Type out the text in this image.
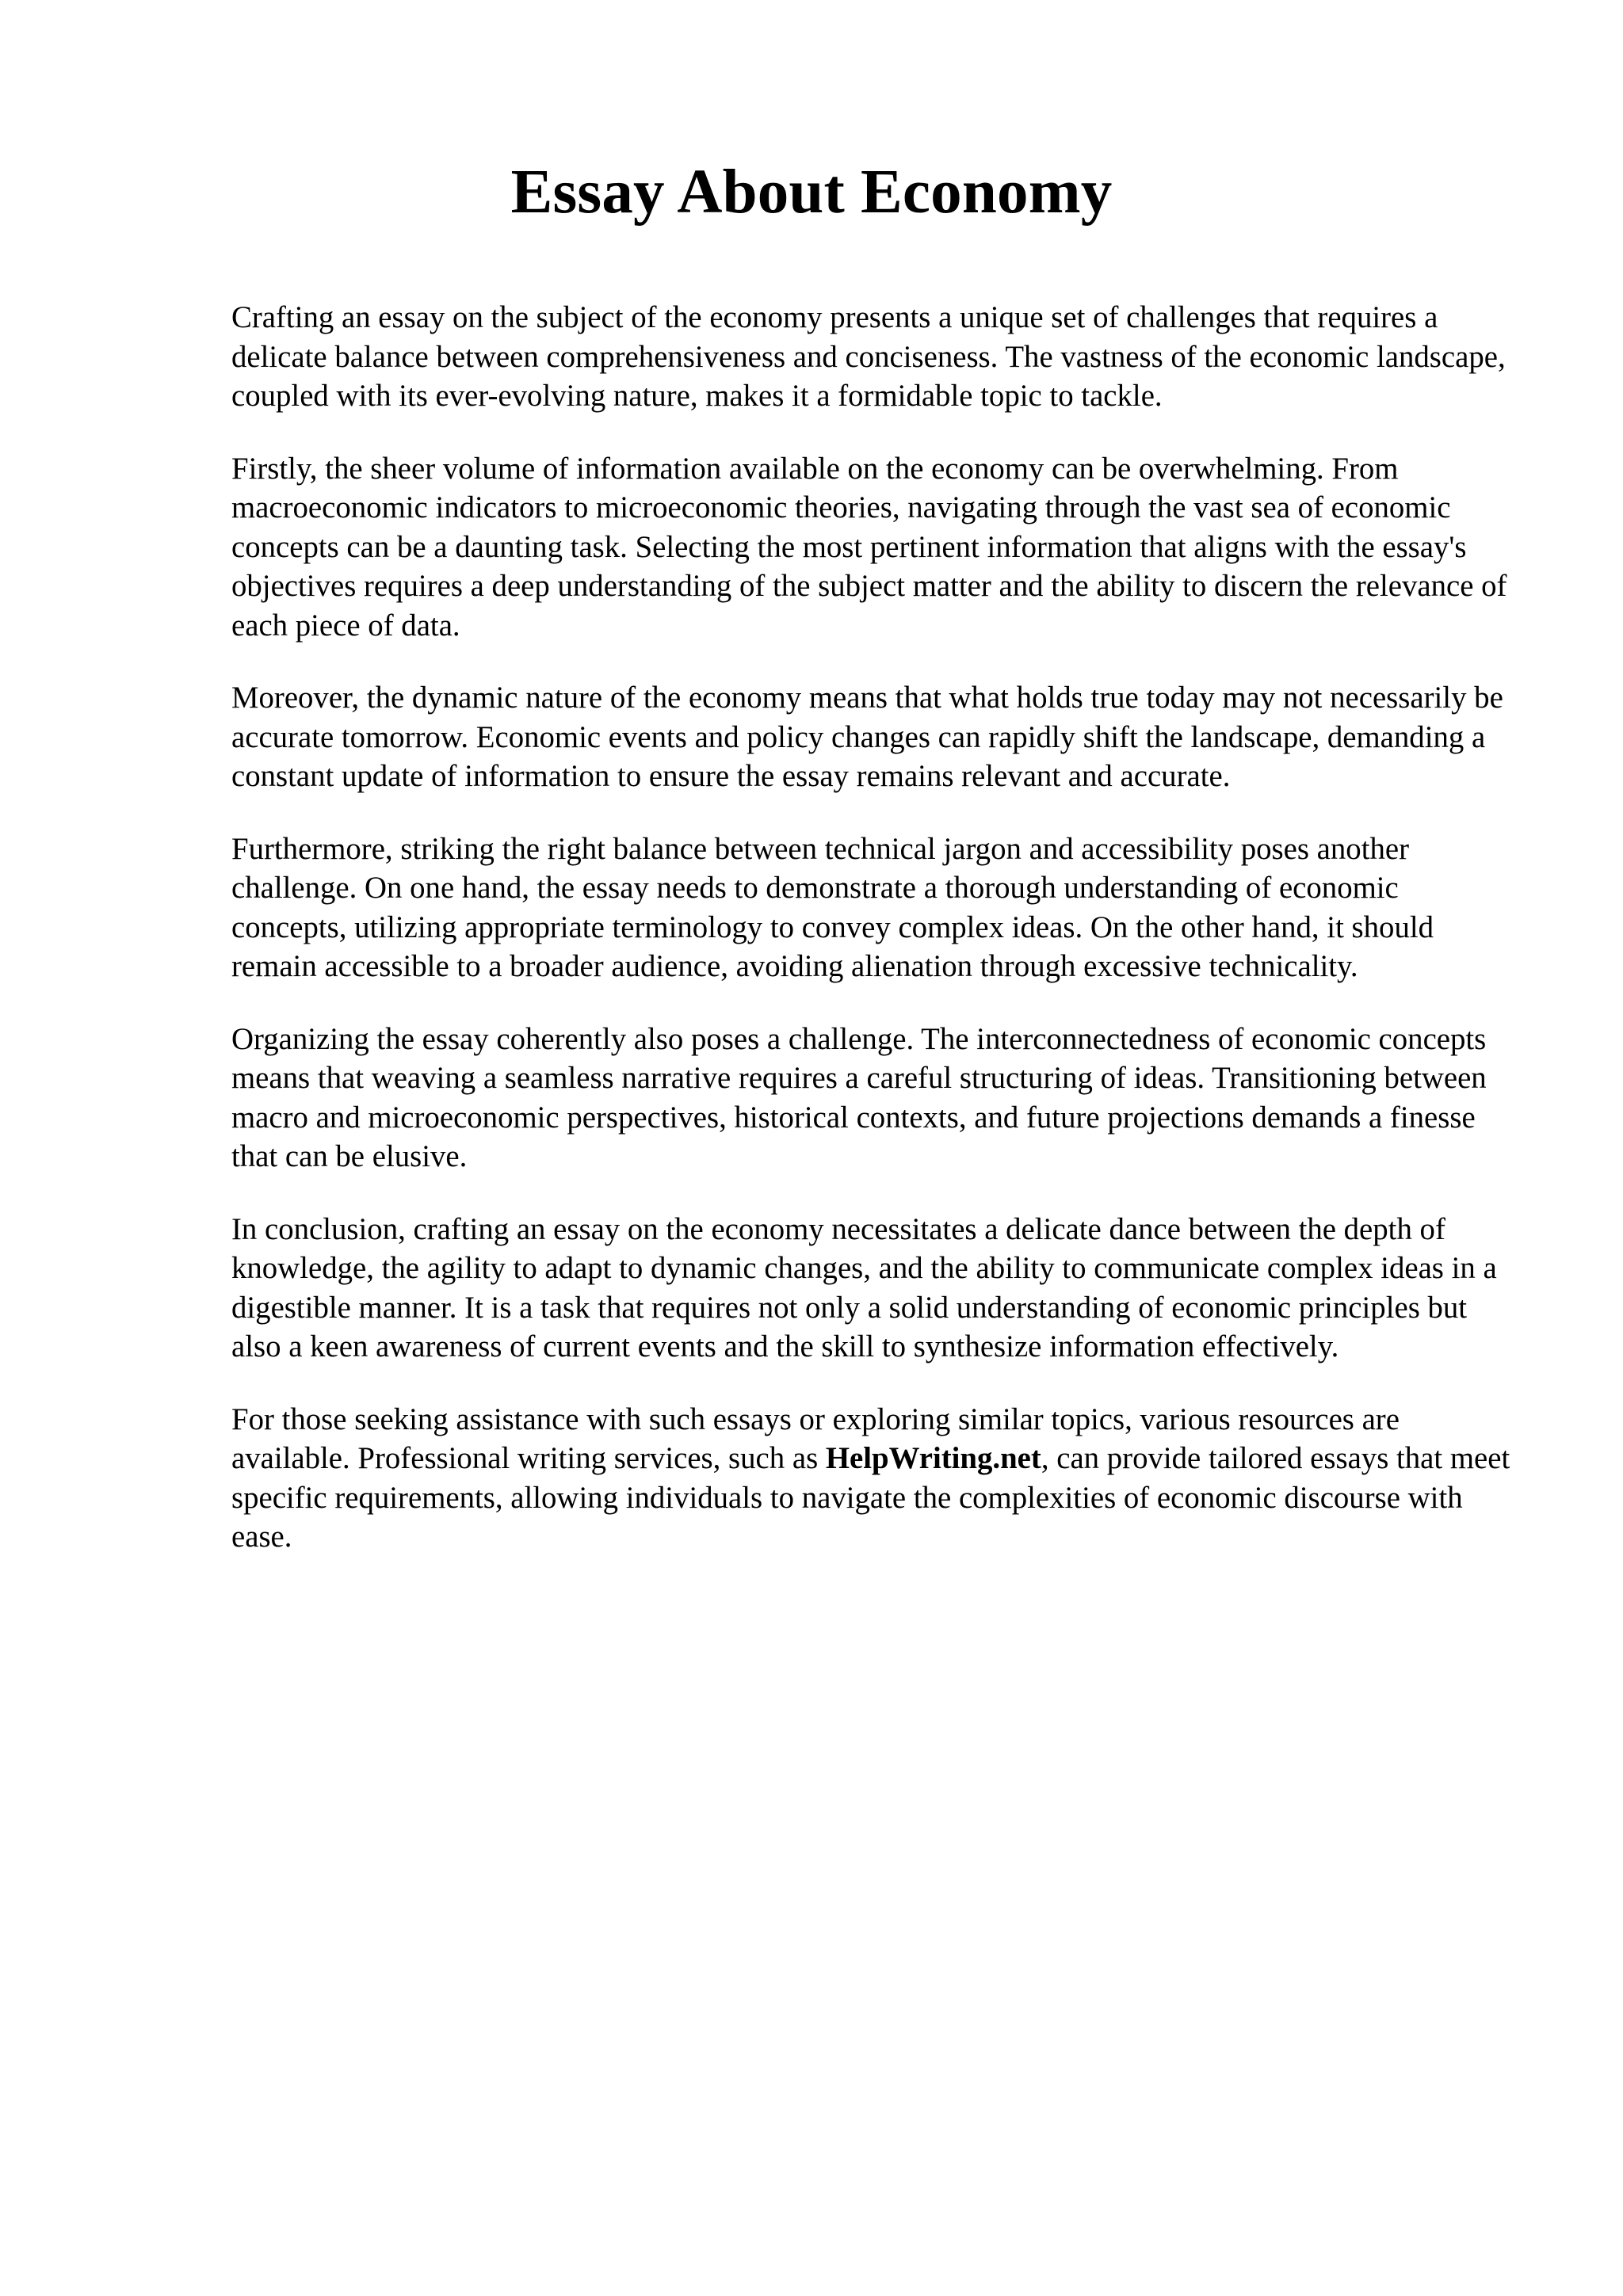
Essay About Economy

Crafting an essay on the subject of the economy presents a unique set of challenges that requires a delicate balance between comprehensiveness and conciseness. The vastness of the economic landscape, coupled with its ever-evolving nature, makes it a formidable topic to tackle.

Firstly, the sheer volume of information available on the economy can be overwhelming. From macroeconomic indicators to microeconomic theories, navigating through the vast sea of economic concepts can be a daunting task. Selecting the most pertinent information that aligns with the essay's objectives requires a deep understanding of the subject matter and the ability to discern the relevance of each piece of data.

Moreover, the dynamic nature of the economy means that what holds true today may not necessarily be accurate tomorrow. Economic events and policy changes can rapidly shift the landscape, demanding a constant update of information to ensure the essay remains relevant and accurate.

Furthermore, striking the right balance between technical jargon and accessibility poses another challenge. On one hand, the essay needs to demonstrate a thorough understanding of economic concepts, utilizing appropriate terminology to convey complex ideas. On the other hand, it should remain accessible to a broader audience, avoiding alienation through excessive technicality.

Organizing the essay coherently also poses a challenge. The interconnectedness of economic concepts means that weaving a seamless narrative requires a careful structuring of ideas. Transitioning between macro and microeconomic perspectives, historical contexts, and future projections demands a finesse that can be elusive.

In conclusion, crafting an essay on the economy necessitates a delicate dance between the depth of knowledge, the agility to adapt to dynamic changes, and the ability to communicate complex ideas in a digestible manner. It is a task that requires not only a solid understanding of economic principles but also a keen awareness of current events and the skill to synthesize information effectively.

For those seeking assistance with such essays or exploring similar topics, various resources are available. Professional writing services, such as HelpWriting.net, can provide tailored essays that meet specific requirements, allowing individuals to navigate the complexities of economic discourse with ease.
